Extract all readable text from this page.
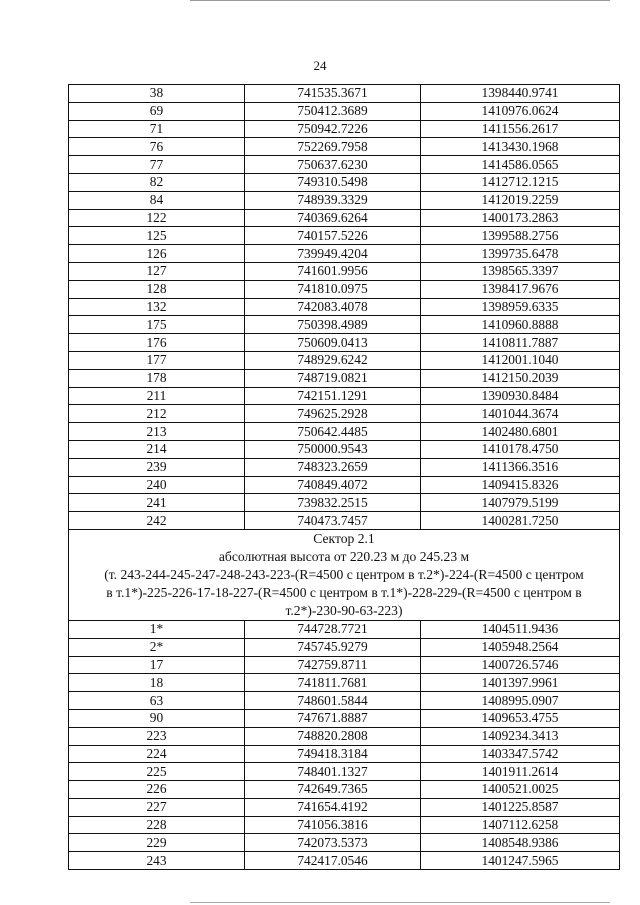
24
38	741535.3671	1398440.9741
69	750412.3689	1410976.0624
71	750942.7226	1411556.2617
76	752269.7958	1413430.1968
77	750637.6230	1414586.0565
82	749310.5498	1412712.1215
84	748939.3329	1412019.2259
122	740369.6264	1400173.2863
125	740157.5226	1399588.2756
126	739949.4204	1399735.6478
127	741601.9956	1398565.3397
128	741810.0975	1398417.9676
132	742083.4078	1398959.6335
175	750398.4989	1410960.8888
176	750609.0413	1410811.7887
177	748929.6242	1412001.1040
178	748719.0821	1412150.2039
211	742151.1291	1390930.8484
212	749625.2928	1401044.3674
213	750642.4485	1402480.6801
214	750000.9543	1410178.4750
239	748323.2659	1411366.3516
240	740849.4072	1409415.8326
241	739832.2515	1407979.5199
242	740473.7457	1400281.7250

Сектор 2.1
абсолютная высота от 220.23 м до 245.23 м
(т. 243-244-245-247-248-243-223-(R=4500 с центром в т.2*)-224-(R=4500 с центром
в т.1*)-225-226-17-18-227-(R=4500 с центром в т.1*)-228-229-(R=4500 с центром в
т.2*)-230-90-63-223)		

1*	744728.7721	1404511.9436
2*	745745.9279	1405948.2564
17	742759.8711	1400726.5746
18	741811.7681	1401397.9961
63	748601.5844	1408995.0907
90	747671.8887	1409653.4755
223	748820.2808	1409234.3413
224	749418.3184	1403347.5742
225	748401.1327	1401911.2614
226	742649.7365	1400521.0025
227	741654.4192	1401225.8587
228	741056.3816	1407112.6258
229	742073.5373	1408548.9386
243	742417.0546	1401247.5965
